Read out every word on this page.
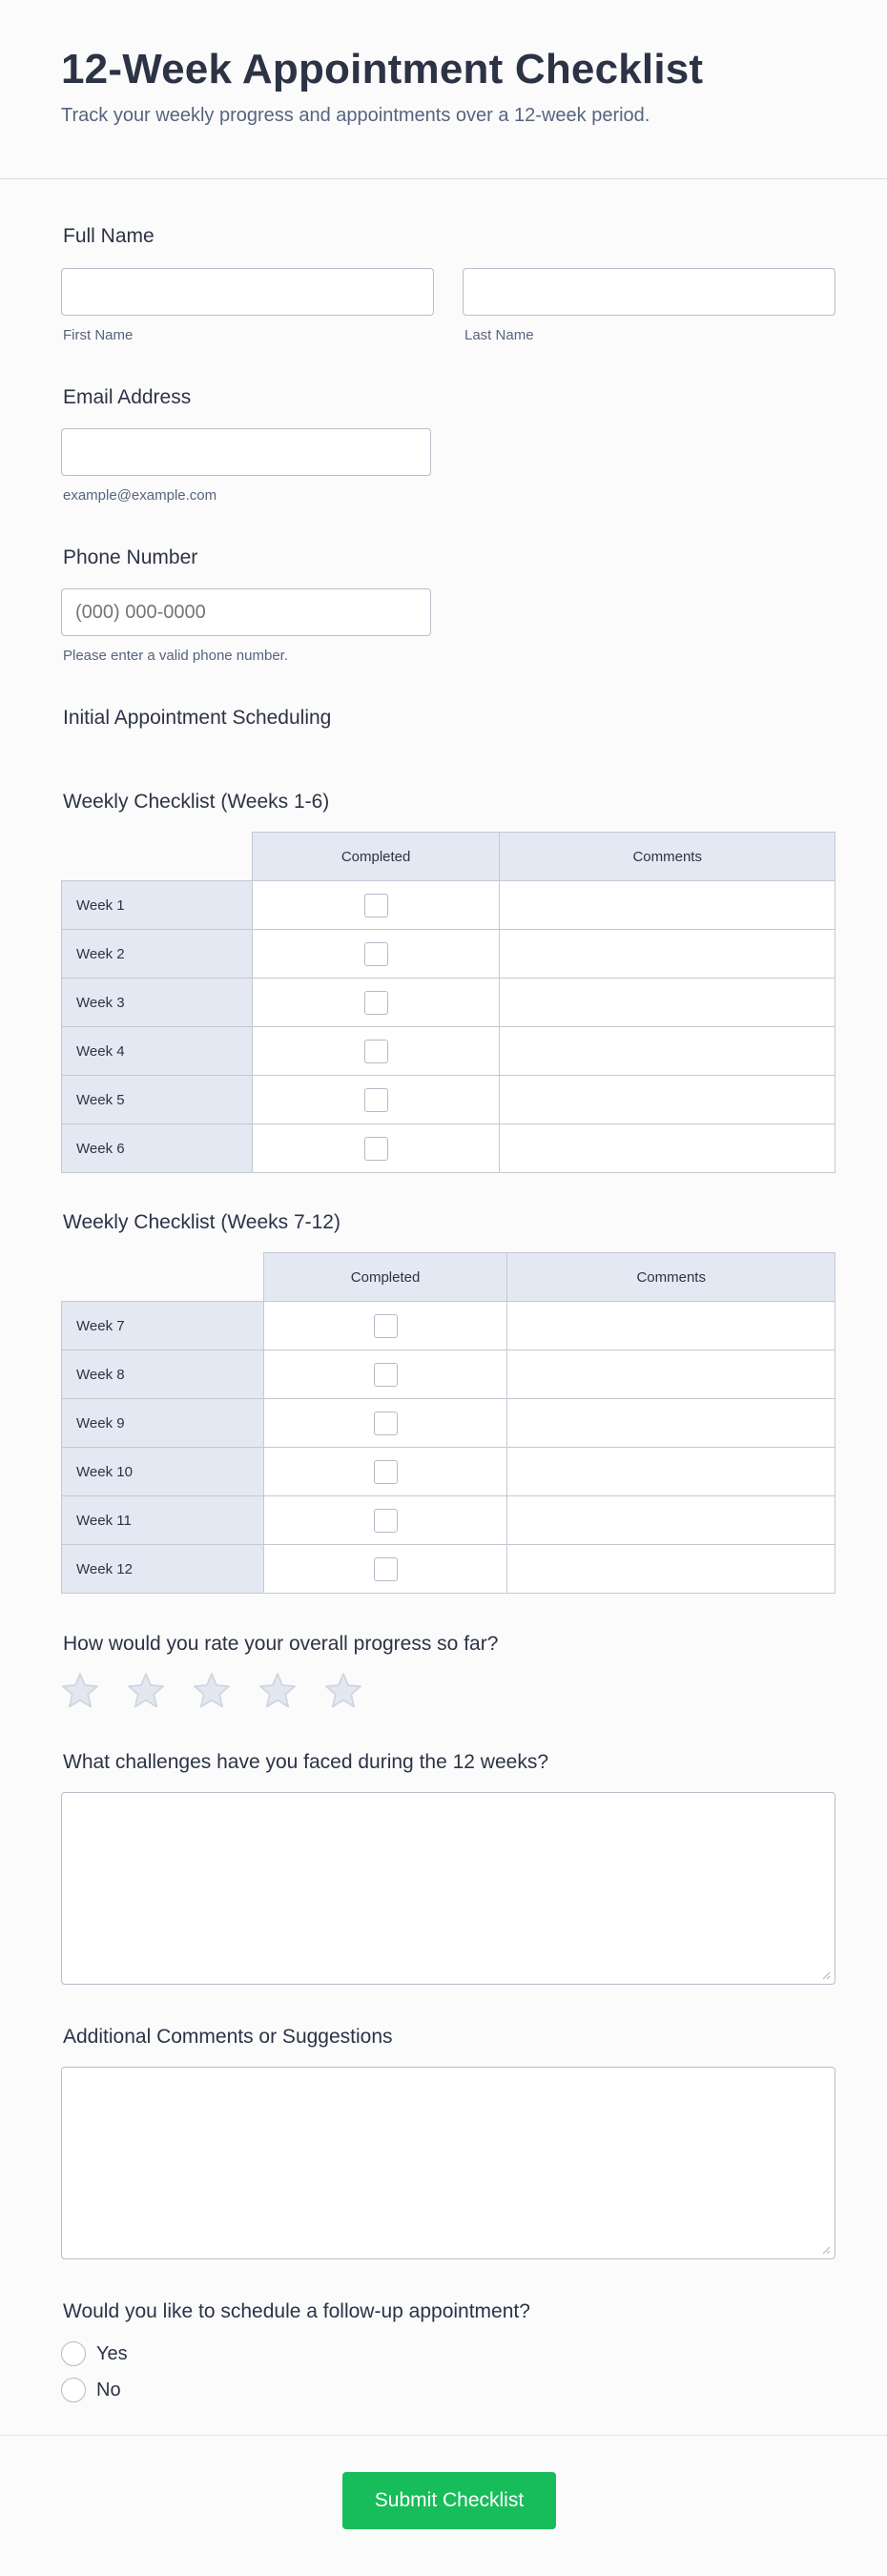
12-Week Appointment Checklist
Track your weekly progress and appointments over a 12-week period.
Full Name
First Name	Last Name
Email Address
example@example.com
Phone Number
(000) 000-0000
Please enter a valid phone number.
Initial Appointment Scheduling
Weekly Checklist (Weeks 1-6)
	Completed	Comments
Week 1		
Week 2		
Week 3		
Week 4		
Week 5		
Week 6		
Weekly Checklist (Weeks 7-12)
	Completed	Comments
Week 7		
Week 8		
Week 9		
Week 10		
Week 11		
Week 12		
How would you rate your overall progress so far?
What challenges have you faced during the 12 weeks?
Additional Comments or Suggestions
Would you like to schedule a follow-up appointment?
Yes
No
Submit Checklist
